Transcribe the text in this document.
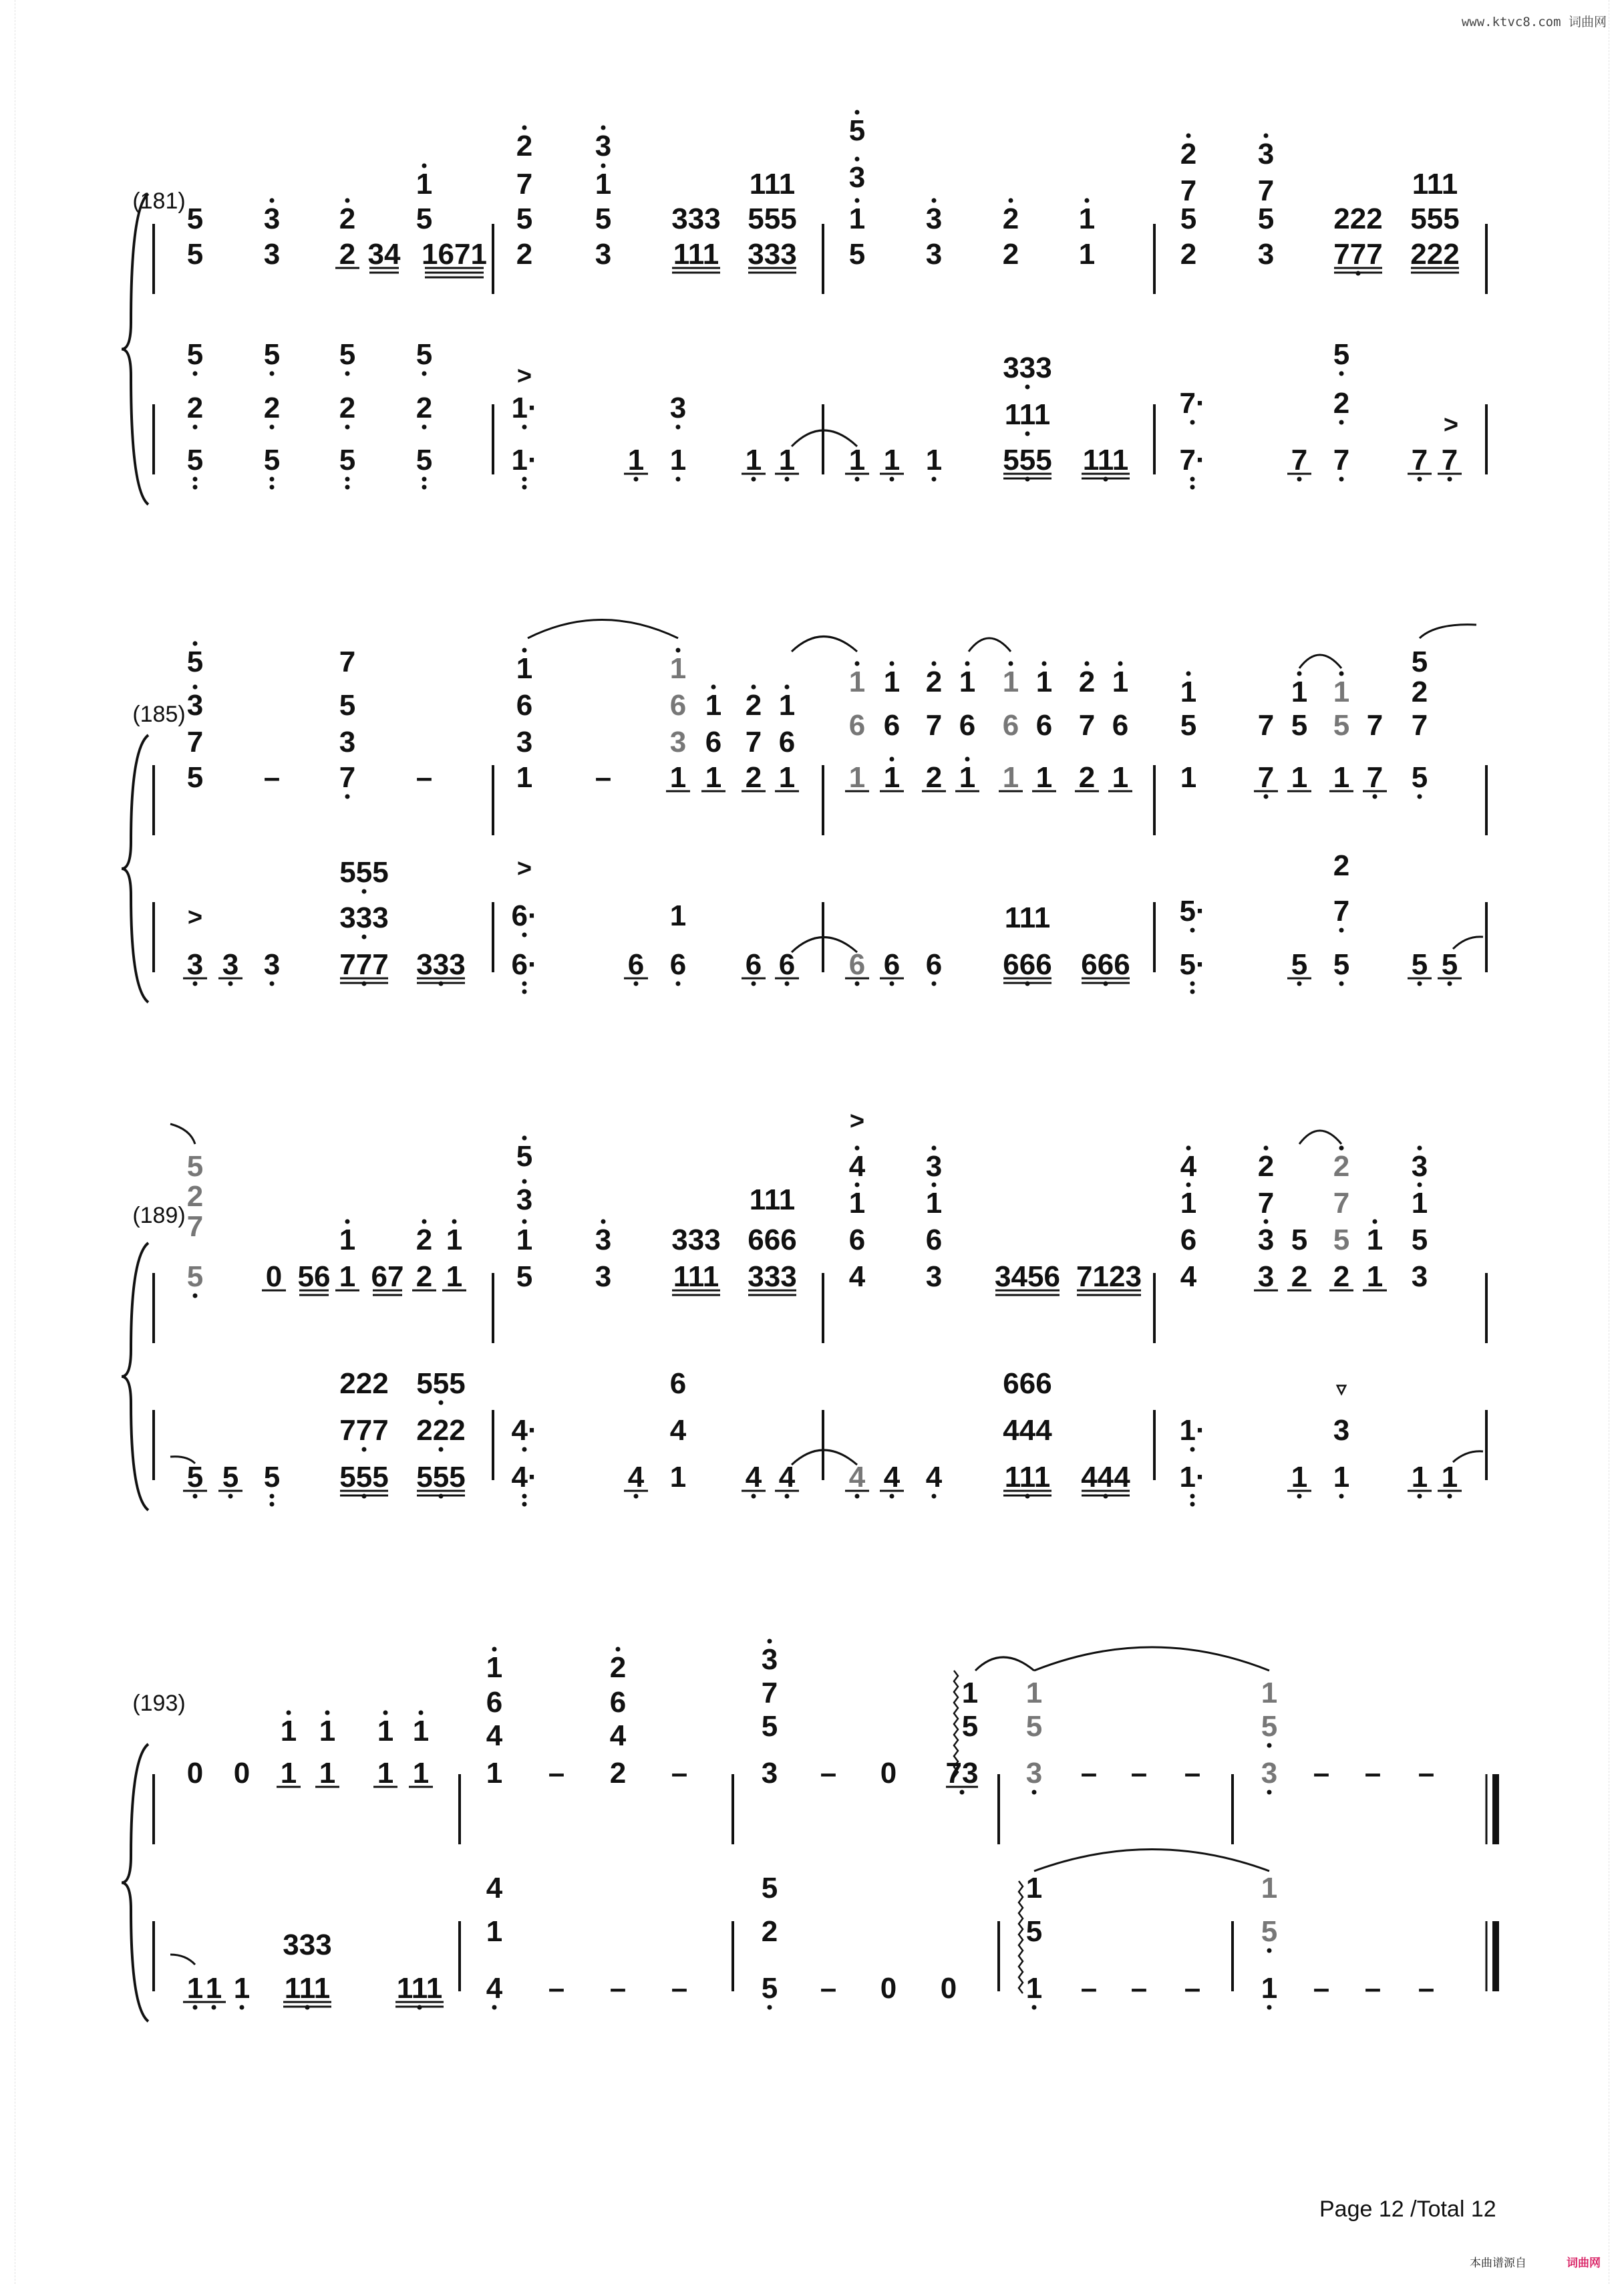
www.ktvc8.com 词曲网
(181)
(185)
(189)
(193)
5
5
3
3
2
2 34
1
5
1671
2
7
5
2
3
1
5
3
333
111
111
555
333
5
3
1
5
3
3
2
2
1
1
2
7
5
2
3
7
5
3
222
777
111
555
222
5
2
5
5
2
5
5
2
5
5
2
5
1·
1·	1
3
1 1 1 1 1 1
333
111
555 111
7·
7·	7
5
2
7 7 7
>
>
5
3
7
5 –
7
5
3
7 –
1
6
3
1 –
1
6
3
1
1
6
1
2
7
2
1
6
1
1
6
1
1
6
1
2
7
2
1
6
1
1
6
1
1
6
1
2
7
2
1
6
1
1
5
1
7
7
1
5
1
1
5
1
7
7
5
2
7
5
>
3 3 3
555
333
777 333
6·
6·	6
1
6 6 6 6 6 6
111
666 666
5·
5·	5
2
7
5 5 5
>
5
2
7
5 0 56
1
1 67
2
2
1
1
5
3
1
5
3
3
333
111
111
666
333
4
1
6
4
3
1
6
3 3456 7123
4
1
6
4
2
7
3
3
5
2
2
7
5
2
1
1
3
1
5
3
>
5 5 5
222
777
555
555
222
555
4·
4·	4
6
4
1 4 4 4 4 4
666
444
111 444
1·
1·	1
3
1 1 1
▿
0 0
1
1
1
1
1
1
1
1
1
6
4
1 –
2
6
4
2 –
3
7
5
3 – 0 73
1
5
1
5
3 – – –
1
5
3 – – –
1 1 1
333
111 111
4
1
4 – – –
5
2
5 – 0 0
1
5
1 – – –
1
5
1 – – –
Page 12 /Total 12
本曲谱源自	词曲网
